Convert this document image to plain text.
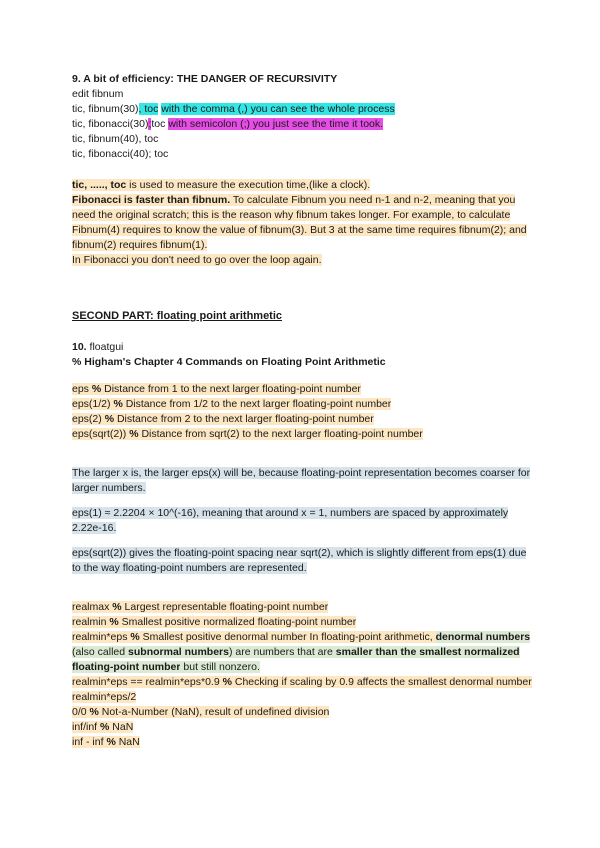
9. A bit of efficiency: THE DANGER OF RECURSIVITY
edit fibnum
tic, fibnum(30), toc with the comma (,) you can see the whole process
tic, fibonacci(30);toc with semicolon (;) you just see the time it took.
tic, fibnum(40), toc
tic, fibonacci(40); toc
tic, ....., toc is used to measure the execution time,(like a clock).
Fibonacci is faster than fibnum. To calculate Fibnum you need n-1 and n-2, meaning that you need the original scratch; this is the reason why fibnum takes longer. For example, to calculate Fibnum(4) requires to know the value of fibnum(3). But 3 at the same time requires fibnum(2); and fibnum(2) requires fibnum(1).
In Fibonacci you don't need to go over the loop again.
SECOND PART: floating point arithmetic
10. floatgui
% Higham's Chapter 4 Commands on Floating Point Arithmetic
eps % Distance from 1 to the next larger floating-point number
eps(1/2) % Distance from 1/2 to the next larger floating-point number
eps(2) % Distance from 2 to the next larger floating-point number
eps(sqrt(2)) % Distance from sqrt(2) to the next larger floating-point number
The larger x is, the larger eps(x) will be, because floating-point representation becomes coarser for larger numbers.
eps(1) ≈ 2.2204 × 10^(-16), meaning that around x = 1, numbers are spaced by approximately 2.22e-16.
eps(sqrt(2)) gives the floating-point spacing near sqrt(2), which is slightly different from eps(1) due to the way floating-point numbers are represented.
realmax % Largest representable floating-point number
realmin % Smallest positive normalized floating-point number
realmin*eps % Smallest positive denormal number In floating-point arithmetic, denormal numbers (also called subnormal numbers) are numbers that are smaller than the smallest normalized floating-point number but still nonzero.
realmin*eps == realmin*eps*0.9 % Checking if scaling by 0.9 affects the smallest denormal number
realmin*eps/2
0/0 % Not-a-Number (NaN), result of undefined division
inf/inf % NaN
inf - inf % NaN
